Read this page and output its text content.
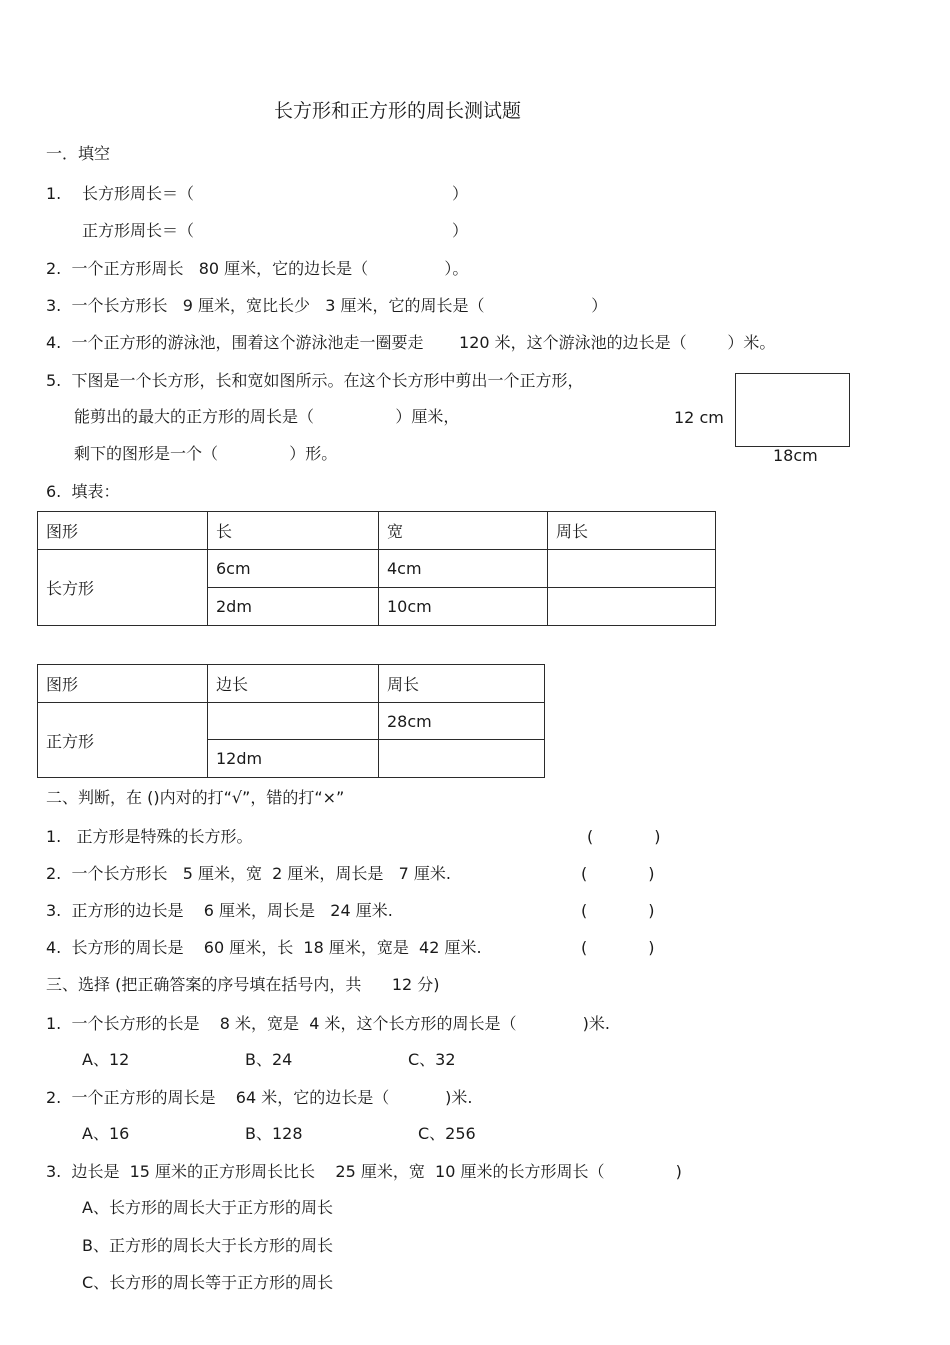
长方形和正方形的周长测试题
一．填空
1. 长方形周长＝（	）
正方形周长＝（	）
2.  一个正方形周长   80 厘米，它的边长是（               ）。
3.  一个长方形长   9 厘米，宽比长少   3 厘米，它的周长是（                     ）
4.  一个正方形的游泳池，围着这个游泳池走一圈要走       120 米，这个游泳池的边长是（        ）米。
5.  下图是一个长方形，长和宽如图所示。在这个长方形中剪出一个正方形，
能剪出的最大的正方形的周长是（                ）厘米，
剩下的图形是一个（              ）形。
12 cm
18cm
6.  填表：
图形	长	宽	周长
长方形	6cm	4cm	
	2dm	10cm	
图形	边长	周长
正方形		28cm
	12dm	
二、判断，在 ()内对的打“√”，错的打“×”
1.   正方形是特殊的长方形。	(            )
2.  一个长方形长   5 厘米，宽  2 厘米，周长是   7 厘米.	(            )
3.  正方形的边长是    6 厘米，周长是   24 厘米.	(            )
4.  长方形的周长是    60 厘米，长  18 厘米，宽是  42 厘米.	(            )
三、选择 (把正确答案的序号填在括号内，共      12 分)
1.  一个长方形的长是    8 米，宽是  4 米，这个长方形的周长是（             )米.
A、12	B、24	C、32
2.  一个正方形的周长是    64 米，它的边长是（           )米.
A、16	B、128	C、256
3.  边长是  15 厘米的正方形周长比长    25 厘米，宽  10 厘米的长方形周长（              )
A、长方形的周长大于正方形的周长
B、正方形的周长大于长方形的周长
C、长方形的周长等于正方形的周长
